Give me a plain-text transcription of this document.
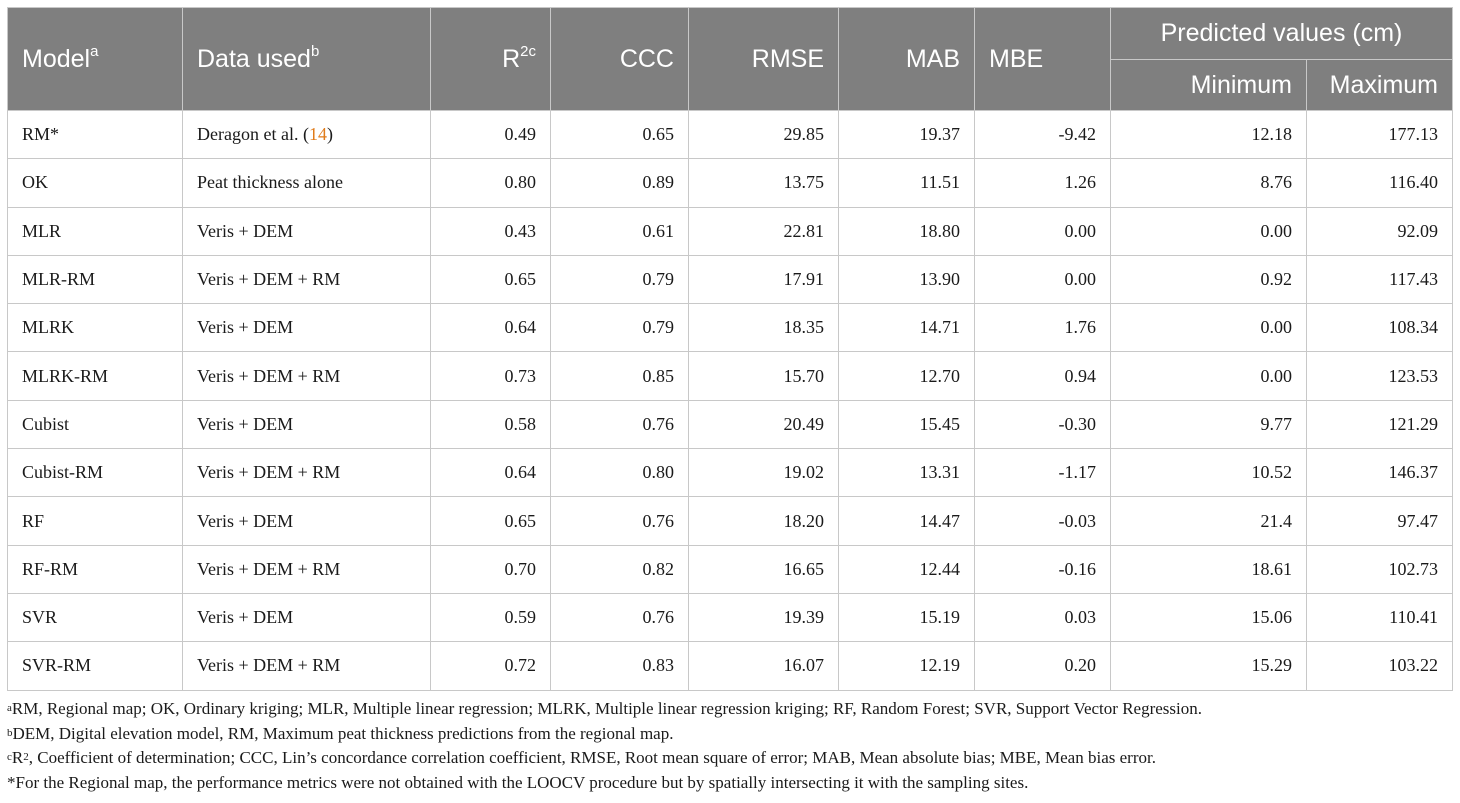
Model$^a$	Data used$^b$	$R^{2c}$	CCC	RMSE	MAB	MBE	Predicted values (cm)	
							Minimum	Maximum
RM*	Deragon et al. (14)	0.49	0.65	29.85	19.37	-9.42	12.18	177.13
OK	Peat thickness alone	0.80	0.89	13.75	11.51	1.26	8.76	116.40
MLR	Veris + DEM	0.43	0.61	22.81	18.80	0.00	0.00	92.09
MLR-RM	Veris + DEM + RM	0.65	0.79	17.91	13.90	0.00	0.92	117.43
MLRK	Veris + DEM	0.64	0.79	18.35	14.71	1.76	0.00	108.34
MLRK-RM	Veris + DEM + RM	0.73	0.85	15.70	12.70	0.94	0.00	123.53
Cubist	Veris + DEM	0.58	0.76	20.49	15.45	-0.30	9.77	121.29
Cubist-RM	Veris + DEM + RM	0.64	0.80	19.02	13.31	-1.17	10.52	146.37
RF	Veris + DEM	0.65	0.76	18.20	14.47	-0.03	21.4	97.47
RF-RM	Veris + DEM + RM	0.70	0.82	16.65	12.44	-0.16	18.61	102.73
SVR	Veris + DEM	0.59	0.76	19.39	15.19	0.03	15.06	110.41
SVR-RM	Veris + DEM + RM	0.72	0.83	16.07	12.19	0.20	15.29	103.22
$^a$RM, Regional map; OK, Ordinary kriging; MLR, Multiple linear regression; MLRK, Multiple linear regression kriging; RF, Random Forest; SVR, Support Vector Regression.
$^b$DEM, Digital elevation model, RM, Maximum peat thickness predictions from the regional map.
$^cR^2$, Coefficient of determination; CCC, Lin’s concordance correlation coefficient, RMSE, Root mean square of error; MAB, Mean absolute bias; MBE, Mean bias error.
*For the Regional map, the performance metrics were not obtained with the LOOCV procedure but by spatially intersecting it with the sampling sites.
